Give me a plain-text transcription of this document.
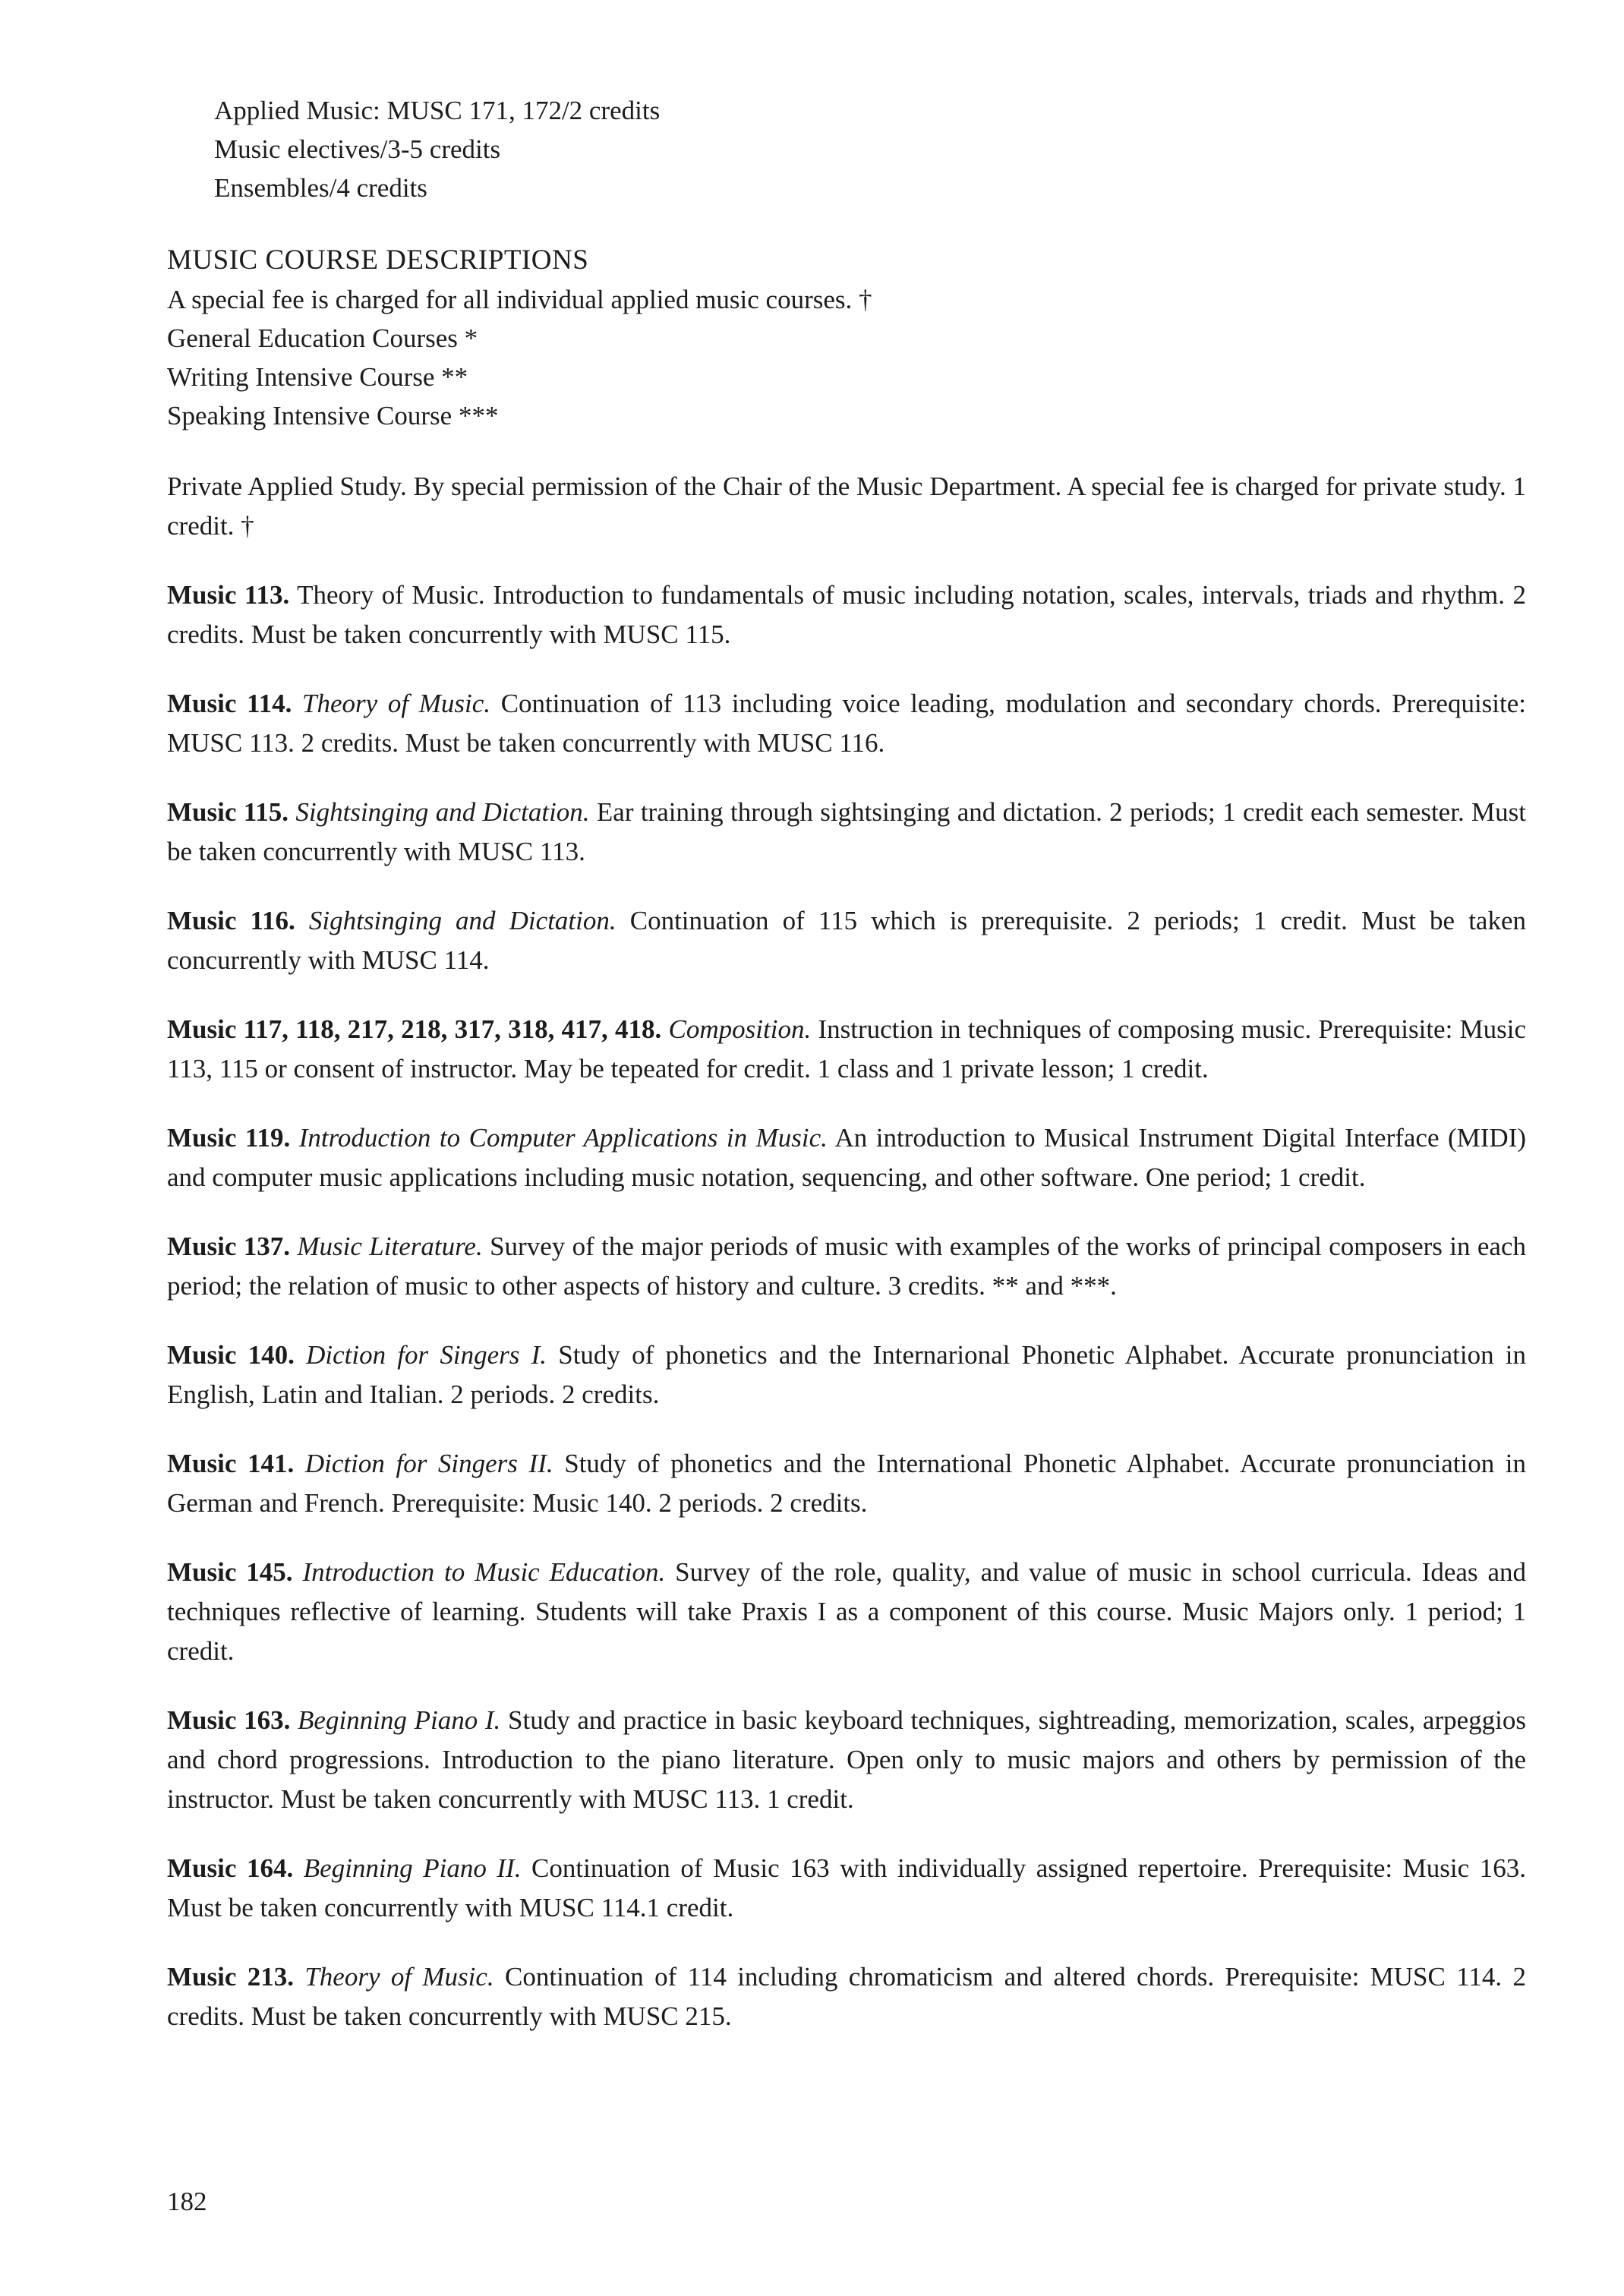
Applied Music: MUSC 171, 172/2 credits
Music electives/3-5 credits
Ensembles/4 credits
MUSIC COURSE DESCRIPTIONS
A special fee is charged for all individual applied music courses. †
General Education Courses *
Writing Intensive Course **
Speaking Intensive Course ***

Private Applied Study. By special permission of the Chair of the Music Department. A special fee is charged for private study. 1 credit. †

Music 113. Theory of Music. Introduction to fundamentals of music including notation, scales, intervals, triads and rhythm. 2 credits. Must be taken concurrently with MUSC 115.

Music 114. Theory of Music. Continuation of 113 including voice leading, modulation and secondary chords. Prerequisite: MUSC 113. 2 credits. Must be taken concurrently with MUSC 116.

Music 115. Sightsinging and Dictation. Ear training through sightsinging and dictation. 2 periods; 1 credit each semester. Must be taken concurrently with MUSC 113.

Music 116. Sightsinging and Dictation. Continuation of 115 which is prerequisite. 2 periods; 1 credit. Must be taken concurrently with MUSC 114.

Music 117, 118, 217, 218, 317, 318, 417, 418. Composition. Instruction in techniques of composing music. Prerequisite: Music 113, 115 or consent of instructor. May be tepeated for credit. 1 class and 1 private lesson; 1 credit.

Music 119. Introduction to Computer Applications in Music. An introduction to Musical Instrument Digital Interface (MIDI) and computer music applications including music notation, sequencing, and other software. One period; 1 credit.

Music 137. Music Literature. Survey of the major periods of music with examples of the works of principal composers in each period; the relation of music to other aspects of history and culture. 3 credits. ** and ***.

Music 140. Diction for Singers I. Study of phonetics and the Internarional Phonetic Alphabet. Accurate pronunciation in English, Latin and Italian. 2 periods. 2 credits.

Music 141. Diction for Singers II. Study of phonetics and the International Phonetic Alphabet. Accurate pronunciation in German and French. Prerequisite: Music 140. 2 periods. 2 credits.

Music 145. Introduction to Music Education. Survey of the role, quality, and value of music in school curricula. Ideas and techniques reflective of learning. Students will take Praxis I as a component of this course. Music Majors only. 1 period; 1 credit.

Music 163. Beginning Piano I. Study and practice in basic keyboard techniques, sightreading, memorization, scales, arpeggios and chord progressions. Introduction to the piano literature. Open only to music majors and others by permission of the instructor. Must be taken concurrently with MUSC 113. 1 credit.

Music 164. Beginning Piano II. Continuation of Music 163 with individually assigned repertoire. Prerequisite: Music 163. Must be taken concurrently with MUSC 114.1 credit.

Music 213. Theory of Music. Continuation of 114 including chromaticism and altered chords. Prerequisite: MUSC 114. 2 credits. Must be taken concurrently with MUSC 215.

182
